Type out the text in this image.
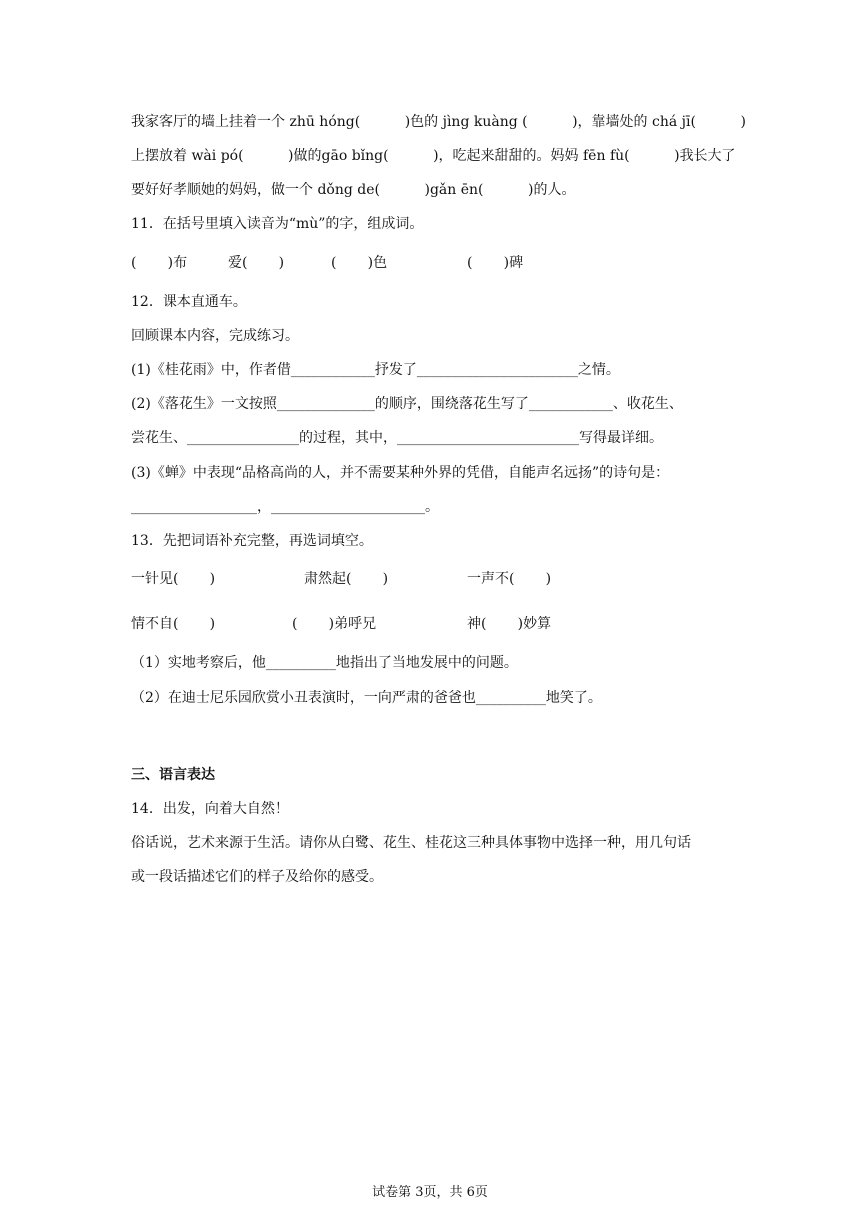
我家客厅的墙上挂着一个 zhū hóng(          )色的 jìng kuàng (          )，靠墙处的 chá jī(          )
上摆放着 wài pó(          )做的gāo bǐng(          )，吃起来甜甜的。妈妈 fēn fù(          )我长大了
要好好孝顺她的妈妈，做一个 dǒng de(          )gǎn ēn(          )的人。
11．在括号里填入读音为“mù”的字，组成词。
(       )布	爱(       )	(       )色	(       )碑
12．课本直通车。
回顾课本内容，完成练习。
(1)《桂花雨》中，作者借____________抒发了_______________________之情。
(2)《落花生》一文按照______________的顺序，围绕落花生写了____________、收花生、
尝花生、________________的过程，其中，__________________________写得最详细。
(3)《蝉》中表现“品格高尚的人，并不需要某种外界的凭借，自能声名远扬”的诗句是：
__________________，______________________。
13．先把词语补充完整，再选词填空。
一针见(       )	肃然起(       )	一声不(       )
情不自(       )	(       )弟呼兄	神(       )妙算
（1）实地考察后，他__________地指出了当地发展中的问题。
（2）在迪士尼乐园欣赏小丑表演时，一向严肃的爸爸也__________地笑了。
三、语言表达
14．出发，向着大自然！
俗话说，艺术来源于生活。请你从白鹭、花生、桂花这三种具体事物中选择一种，用几句话
或一段话描述它们的样子及给你的感受。
试卷第 3页，共 6页
